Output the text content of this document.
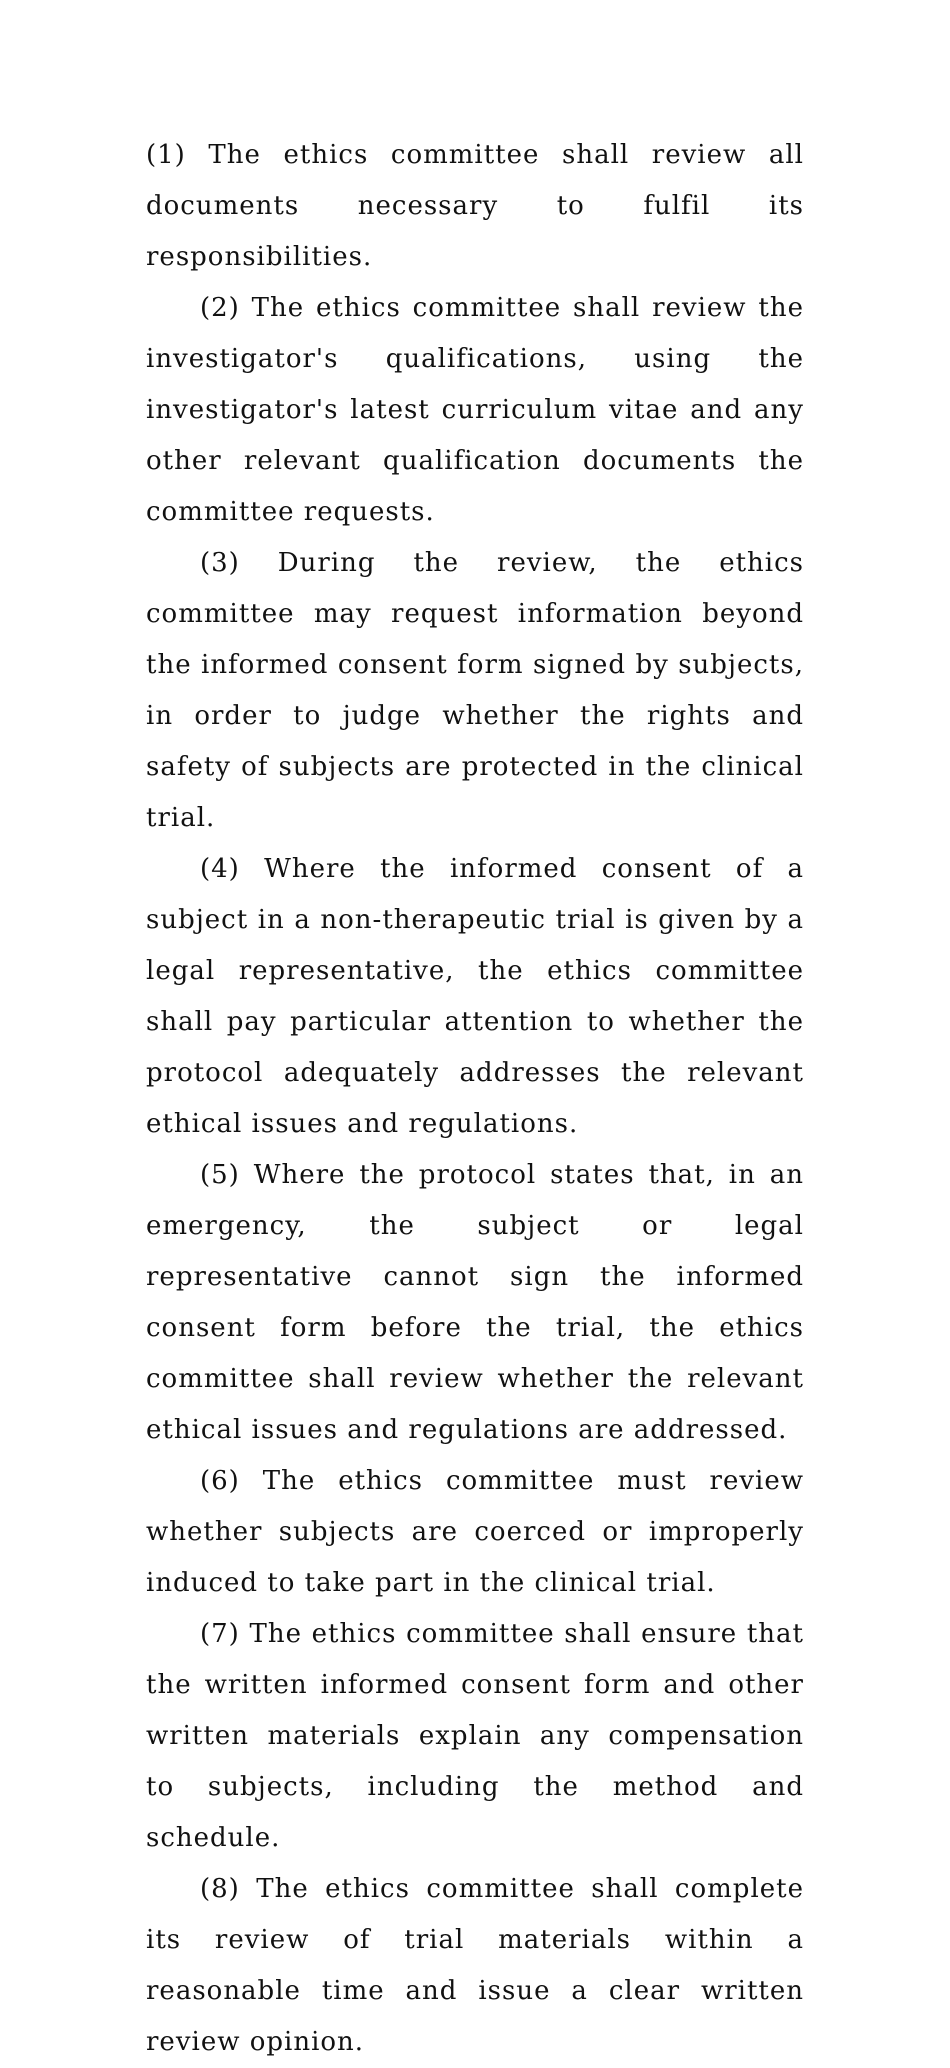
(1) The ethics committee shall review all documents necessary to fulfil its responsibilities.

(2) The ethics committee shall review the investigator's qualifications, using the investigator's latest curriculum vitae and any other relevant qualification documents the committee requests.

(3) During the review, the ethics committee may request information beyond the informed consent form signed by subjects, in order to judge whether the rights and safety of subjects are protected in the clinical trial.

(4) Where the informed consent of a subject in a non-therapeutic trial is given by a legal representative, the ethics committee shall pay particular attention to whether the protocol adequately addresses the relevant ethical issues and regulations.

(5) Where the protocol states that, in an emergency, the subject or legal representative cannot sign the informed consent form before the trial, the ethics committee shall review whether the relevant ethical issues and regulations are addressed.

(6) The ethics committee must review whether subjects are coerced or improperly induced to take part in the clinical trial.

(7) The ethics committee shall ensure that the written informed consent form and other written materials explain any compensation to subjects, including the method and schedule.

(8) The ethics committee shall complete its review of trial materials within a reasonable time and issue a clear written review opinion.
